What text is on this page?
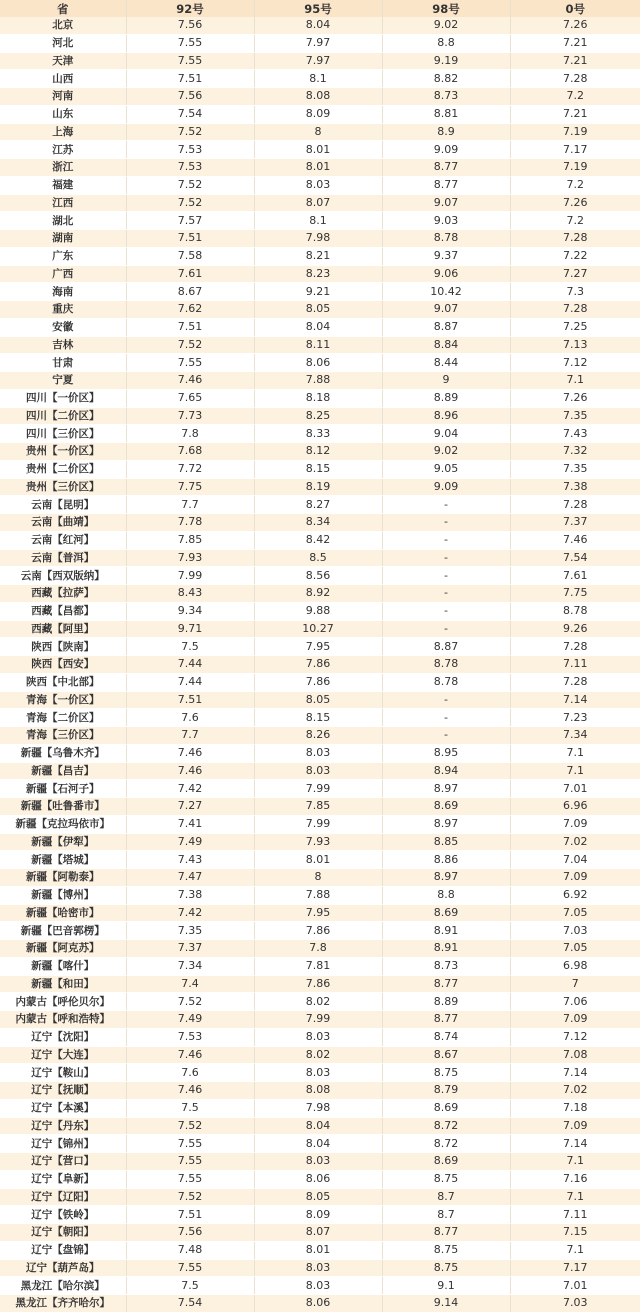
省	92号	95号	98号	0号
北京	7.56	8.04	9.02	7.26
河北	7.55	7.97	8.8	7.21
天津	7.55	7.97	9.19	7.21
山西	7.51	8.1	8.82	7.28
河南	7.56	8.08	8.73	7.2
山东	7.54	8.09	8.81	7.21
上海	7.52	8	8.9	7.19
江苏	7.53	8.01	9.09	7.17
浙江	7.53	8.01	8.77	7.19
福建	7.52	8.03	8.77	7.2
江西	7.52	8.07	9.07	7.26
湖北	7.57	8.1	9.03	7.2
湖南	7.51	7.98	8.78	7.28
广东	7.58	8.21	9.37	7.22
广西	7.61	8.23	9.06	7.27
海南	8.67	9.21	10.42	7.3
重庆	7.62	8.05	9.07	7.28
安徽	7.51	8.04	8.87	7.25
吉林	7.52	8.11	8.84	7.13
甘肃	7.55	8.06	8.44	7.12
宁夏	7.46	7.88	9	7.1
四川【一价区】	7.65	8.18	8.89	7.26
四川【二价区】	7.73	8.25	8.96	7.35
四川【三价区】	7.8	8.33	9.04	7.43
贵州【一价区】	7.68	8.12	9.02	7.32
贵州【二价区】	7.72	8.15	9.05	7.35
贵州【三价区】	7.75	8.19	9.09	7.38
云南【昆明】	7.7	8.27	-	7.28
云南【曲靖】	7.78	8.34	-	7.37
云南【红河】	7.85	8.42	-	7.46
云南【普洱】	7.93	8.5	-	7.54
云南【西双版纳】	7.99	8.56	-	7.61
西藏【拉萨】	8.43	8.92	-	7.75
西藏【昌都】	9.34	9.88	-	8.78
西藏【阿里】	9.71	10.27	-	9.26
陕西【陕南】	7.5	7.95	8.87	7.28
陕西【西安】	7.44	7.86	8.78	7.11
陕西【中北部】	7.44	7.86	8.78	7.28
青海【一价区】	7.51	8.05	-	7.14
青海【二价区】	7.6	8.15	-	7.23
青海【三价区】	7.7	8.26	-	7.34
新疆【乌鲁木齐】	7.46	8.03	8.95	7.1
新疆【昌吉】	7.46	8.03	8.94	7.1
新疆【石河子】	7.42	7.99	8.97	7.01
新疆【吐鲁番市】	7.27	7.85	8.69	6.96
新疆【克拉玛依市】	7.41	7.99	8.97	7.09
新疆【伊犁】	7.49	7.93	8.85	7.02
新疆【塔城】	7.43	8.01	8.86	7.04
新疆【阿勒泰】	7.47	8	8.97	7.09
新疆【博州】	7.38	7.88	8.8	6.92
新疆【哈密市】	7.42	7.95	8.69	7.05
新疆【巴音郭楞】	7.35	7.86	8.91	7.03
新疆【阿克苏】	7.37	7.8	8.91	7.05
新疆【喀什】	7.34	7.81	8.73	6.98
新疆【和田】	7.4	7.86	8.77	7
内蒙古【呼伦贝尔】	7.52	8.02	8.89	7.06
内蒙古【呼和浩特】	7.49	7.99	8.77	7.09
辽宁【沈阳】	7.53	8.03	8.74	7.12
辽宁【大连】	7.46	8.02	8.67	7.08
辽宁【鞍山】	7.6	8.03	8.75	7.14
辽宁【抚顺】	7.46	8.08	8.79	7.02
辽宁【本溪】	7.5	7.98	8.69	7.18
辽宁【丹东】	7.52	8.04	8.72	7.09
辽宁【锦州】	7.55	8.04	8.72	7.14
辽宁【营口】	7.55	8.03	8.69	7.1
辽宁【阜新】	7.55	8.06	8.75	7.16
辽宁【辽阳】	7.52	8.05	8.7	7.1
辽宁【铁岭】	7.51	8.09	8.7	7.11
辽宁【朝阳】	7.56	8.07	8.77	7.15
辽宁【盘锦】	7.48	8.01	8.75	7.1
辽宁【葫芦岛】	7.55	8.03	8.75	7.17
黑龙江【哈尔滨】	7.5	8.03	9.1	7.01
黑龙江【齐齐哈尔】	7.54	8.06	9.14	7.03
